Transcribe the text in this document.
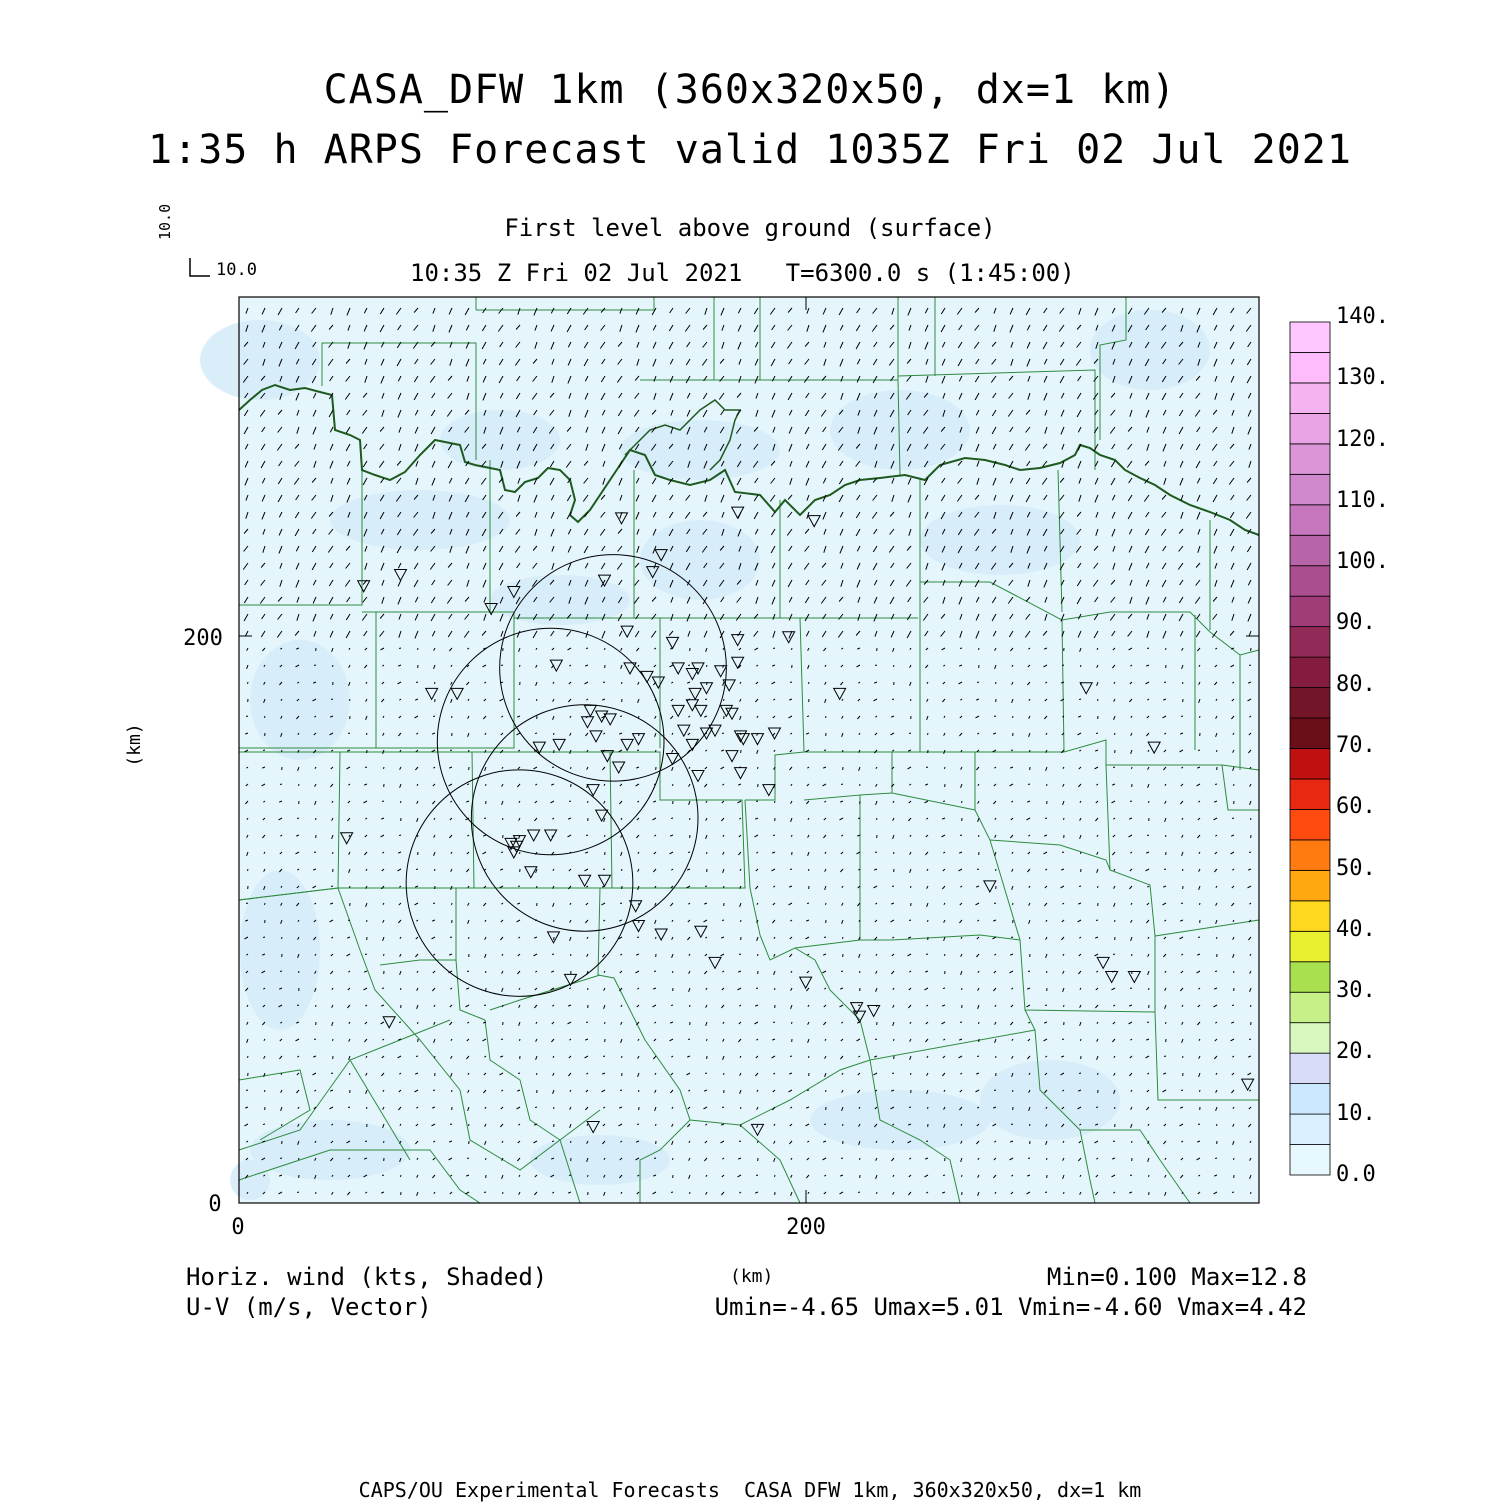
CASA_DFW 1km (360x320x50, dx=1 km)
1:35 h ARPS Forecast valid 1035Z Fri 02 Jul 2021
First level above ground (surface)
10:35 Z Fri 02 Jul 2021   T=6300.0 s (1:45:00)
10.0
10.0
200
0
0	200
(km)
140.
130.
120.
110.
100.
90.
80.
70.
60.
50.
40.
30.
20.
10.
0.0
Horiz. wind (kts, Shaded)
U-V (m/s, Vector)
(km)	Min=0.100 Max=12.8
Umin=-4.65 Umax=5.01 Vmin=-4.60 Vmax=4.42
CAPS/OU Experimental Forecasts  CASA DFW 1km, 360x320x50, dx=1 km
